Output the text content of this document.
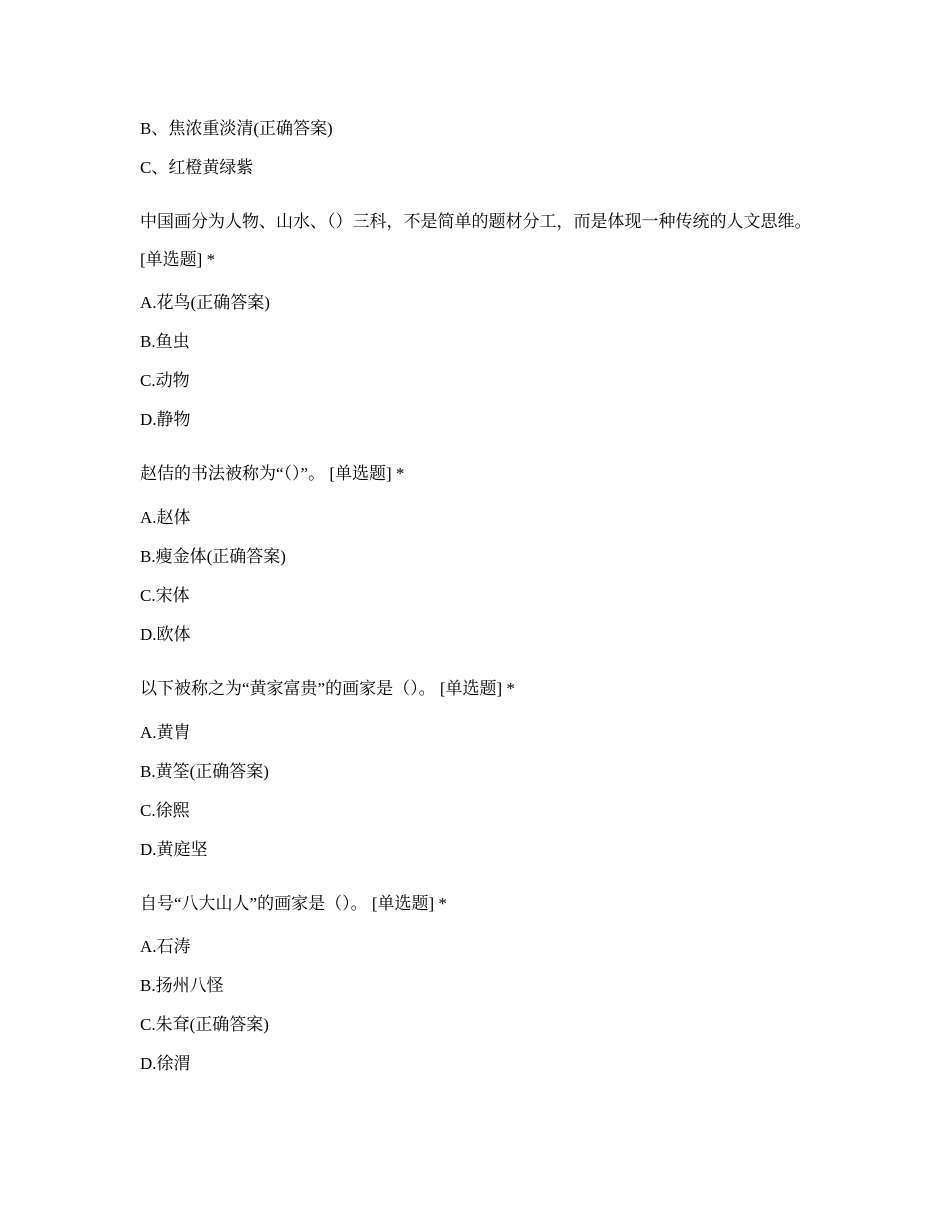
B、焦浓重淡清(正确答案)
C、红橙黄绿紫
中国画分为人物、山水、（）三科，不是简单的题材分工，而是体现一种传统的人文思维。 [单选题] *
A.花鸟(正确答案)
B.鱼虫
C.动物
D.静物
赵佶的书法被称为“（）”。 [单选题] *
A.赵体
B.瘦金体(正确答案)
C.宋体
D.欧体
以下被称之为“黄家富贵”的画家是（）。 [单选题] *
A.黄胄
B.黄筌(正确答案)
C.徐熙
D.黄庭坚
自号“八大山人”的画家是（）。 [单选题] *
A.石涛
B.扬州八怪
C.朱耷(正确答案)
D.徐渭
